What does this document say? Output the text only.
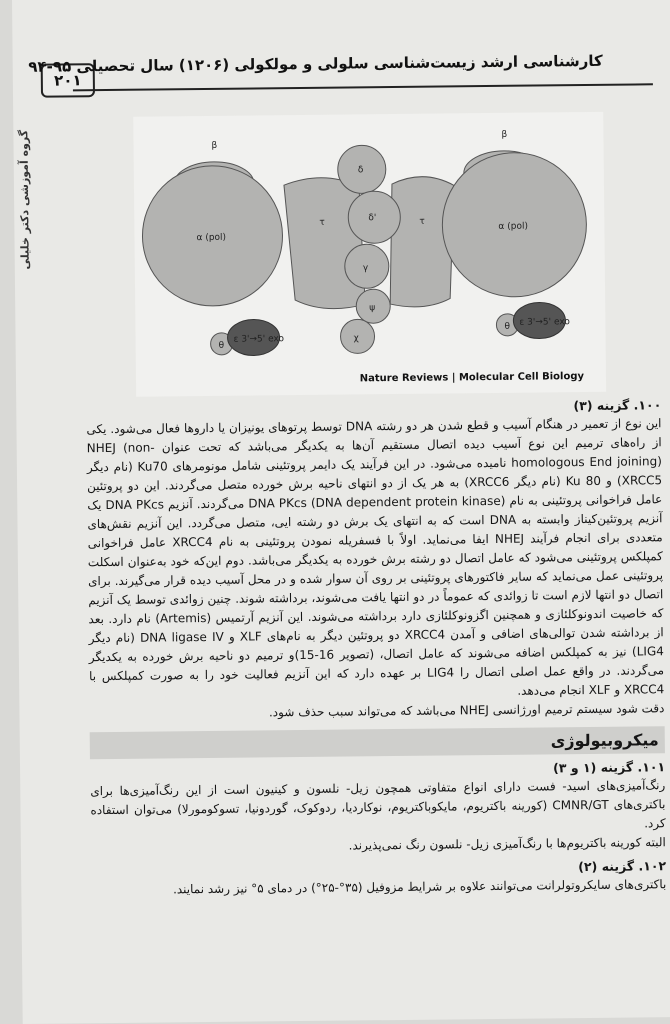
۲۰۱
کارشناسی ارشد زیست‌شناسی سلولی و مولکولی (۱۲۰۶) سال تحصیلی ۹۵-۹۴
گروه آموزشی دکتر خلیلی	β
α (pol)
θ
ε 3'→5' exo
τ	τ
δ
δ'
γ
ψ
χ
β
α (pol)
θ ε 3'→5' exo
Nature Reviews | Molecular Cell Biology

۱۰۰. گزینه (۳)

این نوع از تعمیر در هنگام آسیب و قطع شدن هر دو رشته DNA توسط پرتوهای یونیزان یا داروها فعال می‌شود. یکی از راه‌های ترمیم این نوع آسیب دیده اتصال مستقیم آن‌ها به یکدیگر می‌باشد که تحت عنوان NHEJ (non-homologous End joining) نامیده می‌شود. در این فرآیند یک دایمر پروتئینی شامل مونومرهای Ku70 (نام دیگر XRCC5) و Ku 80 (نام دیگر XRCC6) به هر یک از دو انتهای ناحیه برش خورده متصل می‌گردند. این دو پروتئین عامل فراخوانی پروتئینی به نام DNA PKcs (DNA dependent protein kinase) می‌گردند. آنزیم DNA PKcs یک آنزیم پروتئین‌کیناز وابسته به DNA است که به انتهای یک برش دو رشته ایی، متصل می‌گردد. این آنزیم نقش‌های متعددی برای انجام فرآیند NHEJ ایفا می‌نماید. اولاً با فسفریله نمودن پروتئینی به نام XRCC4 عامل فراخوانی کمپلکس پروتئینی می‌شود که عامل اتصال دو رشته برش خورده به یکدیگر می‌باشد. دوم این‌که خود به‌عنوان اسکلت پروتئینی عمل می‌نماید که سایر فاکتورهای پروتئینی بر روی آن سوار شده و در محل آسیب دیده قرار می‌گیرند. برای اتصال دو انتها لازم است تا زوائدی که عموماً در دو انتها یافت می‌شوند، برداشته شوند. چنین زوائدی توسط یک آنزیم که خاصیت اندونوکلئازی و همچنین اگزونوکلئازی دارد برداشته می‌شوند. این آنزیم آرتمیس (Artemis) نام دارد. بعد از برداشته شدن توالی‌های اضافی و آمدن XRCC4 دو پروتئین دیگر به نام‌های XLF و DNA ligase IV (نام دیگر LIG4) نیز به کمپلکس اضافه می‌شوند که عامل اتصال، (تصویر 16-15)و ترمیم دو ناحیه برش خورده به یکدیگر می‌گردند. در واقع عمل اصلی اتصال را LIG4 بر عهده دارد که این آنزیم فعالیت خود را به صورت کمپلکس با XRCC4 و XLF انجام می‌دهد.

دقت شود سیستم ترمیم اورژانسی NHEJ می‌باشد که می‌تواند سبب حذف شود.

میکروبیولوژی

۱۰۱. گزینه (۱ و ۳)

رنگ‌آمیزی‌های اسید- فست دارای انواع متفاوتی همچون زیل- نلسون و کینیون است از این رنگ‌آمیزی‌ها برای باکتری‌های CMNR/GT (کورینه باکتریوم، مایکوباکتریوم، نوکاردیا، ردوکوک، گوردونیا، تسوکومورلا) می‌توان استفاده کرد.

البته کورینه باکتریوم‌ها با رنگ‌آمیزی زیل- نلسون رنگ نمی‌پذیرند.

۱۰۲. گزینه (۲)

باکتری‌های سایکروتولرانت می‌توانند علاوه بر شرایط مزوفیل (۳۵°-۲۵°) در دمای ۵° نیز رشد نمایند.
